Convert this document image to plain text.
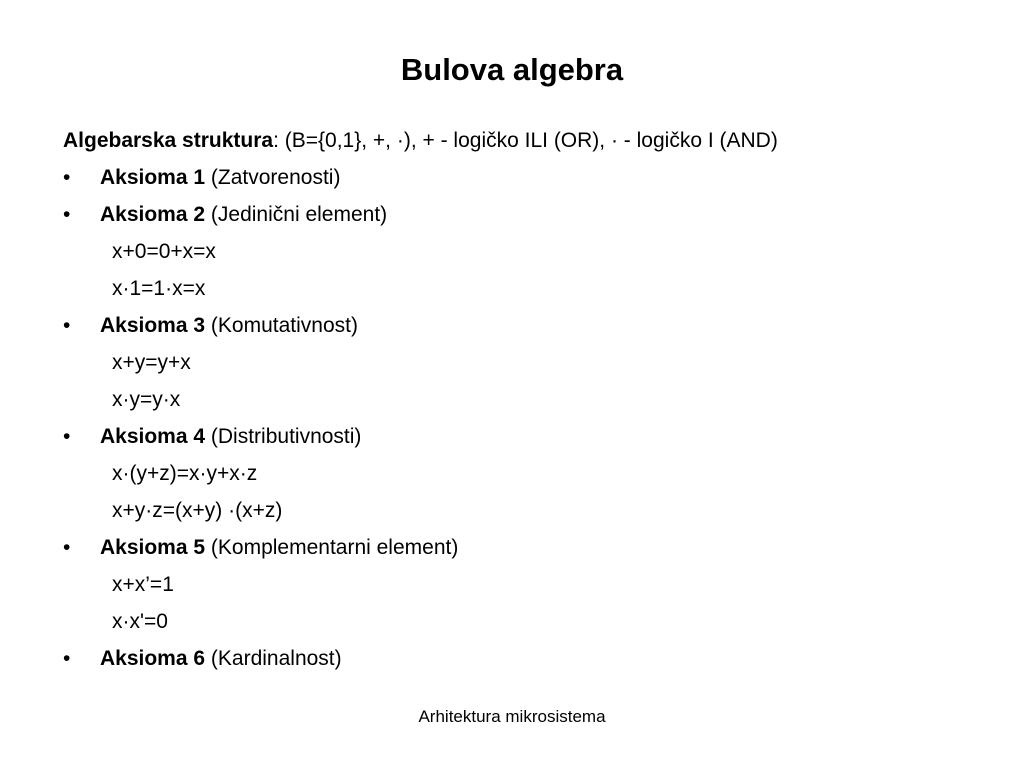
Bulova algebra
Algebarska struktura: (B={0,1}, +, ·), + - logičko ILI (OR), · - logičko I (AND)
•	Aksioma 1 (Zatvorenosti)
•	Aksioma 2 (Jedinični element)
x+0=0+x=x
x·1=1·x=x
•	Aksioma 3 (Komutativnost)
x+y=y+x
x·y=y·x
•	Aksioma 4 (Distributivnosti)
x·(y+z)=x·y+x·z
x+y·z=(x+y) ·(x+z)
•	Aksioma 5 (Komplementarni element)
x+x’=1
x·x'=0
•	Aksioma 6 (Kardinalnost)
Arhitektura mikrosistema
